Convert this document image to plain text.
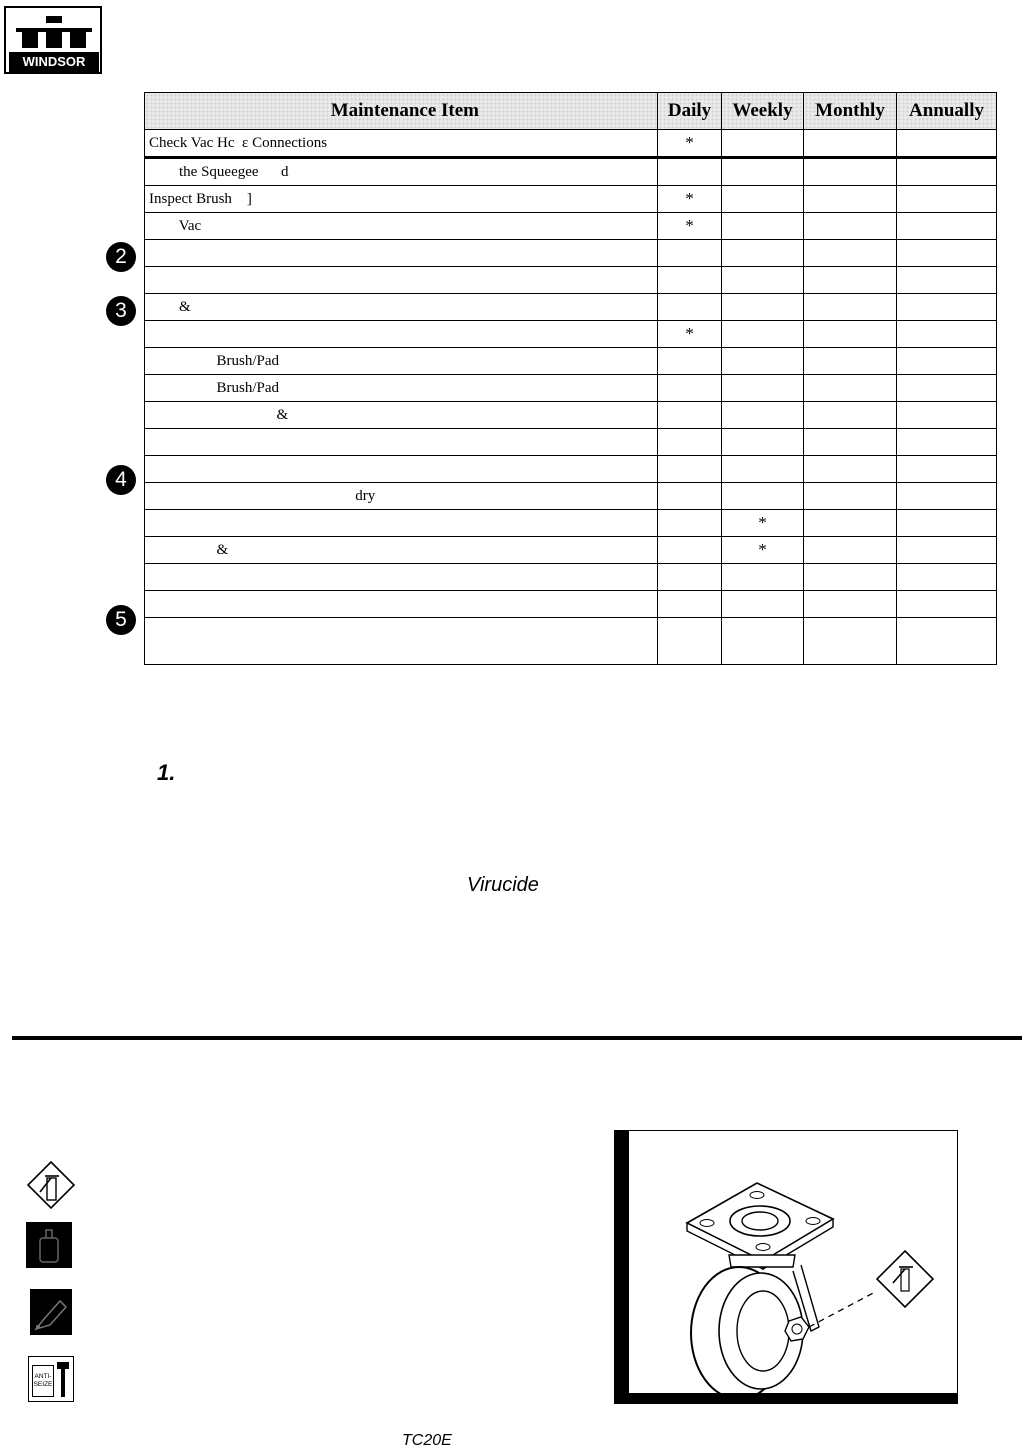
WINDSOR
Maintenance Item	Daily	Weekly	Monthly	Annually
Check Vac Hc  ε Connections	*			
the Squeegee      d				
Inspect Brush    ]	*			
Vac	*			

&				
	*			
Brush/Pad				
Brush/Pad				
&				

dry				
		*		
&		*		

2
3
4
5
1.
Virucide
ANTI-SEIZE
TC20E
